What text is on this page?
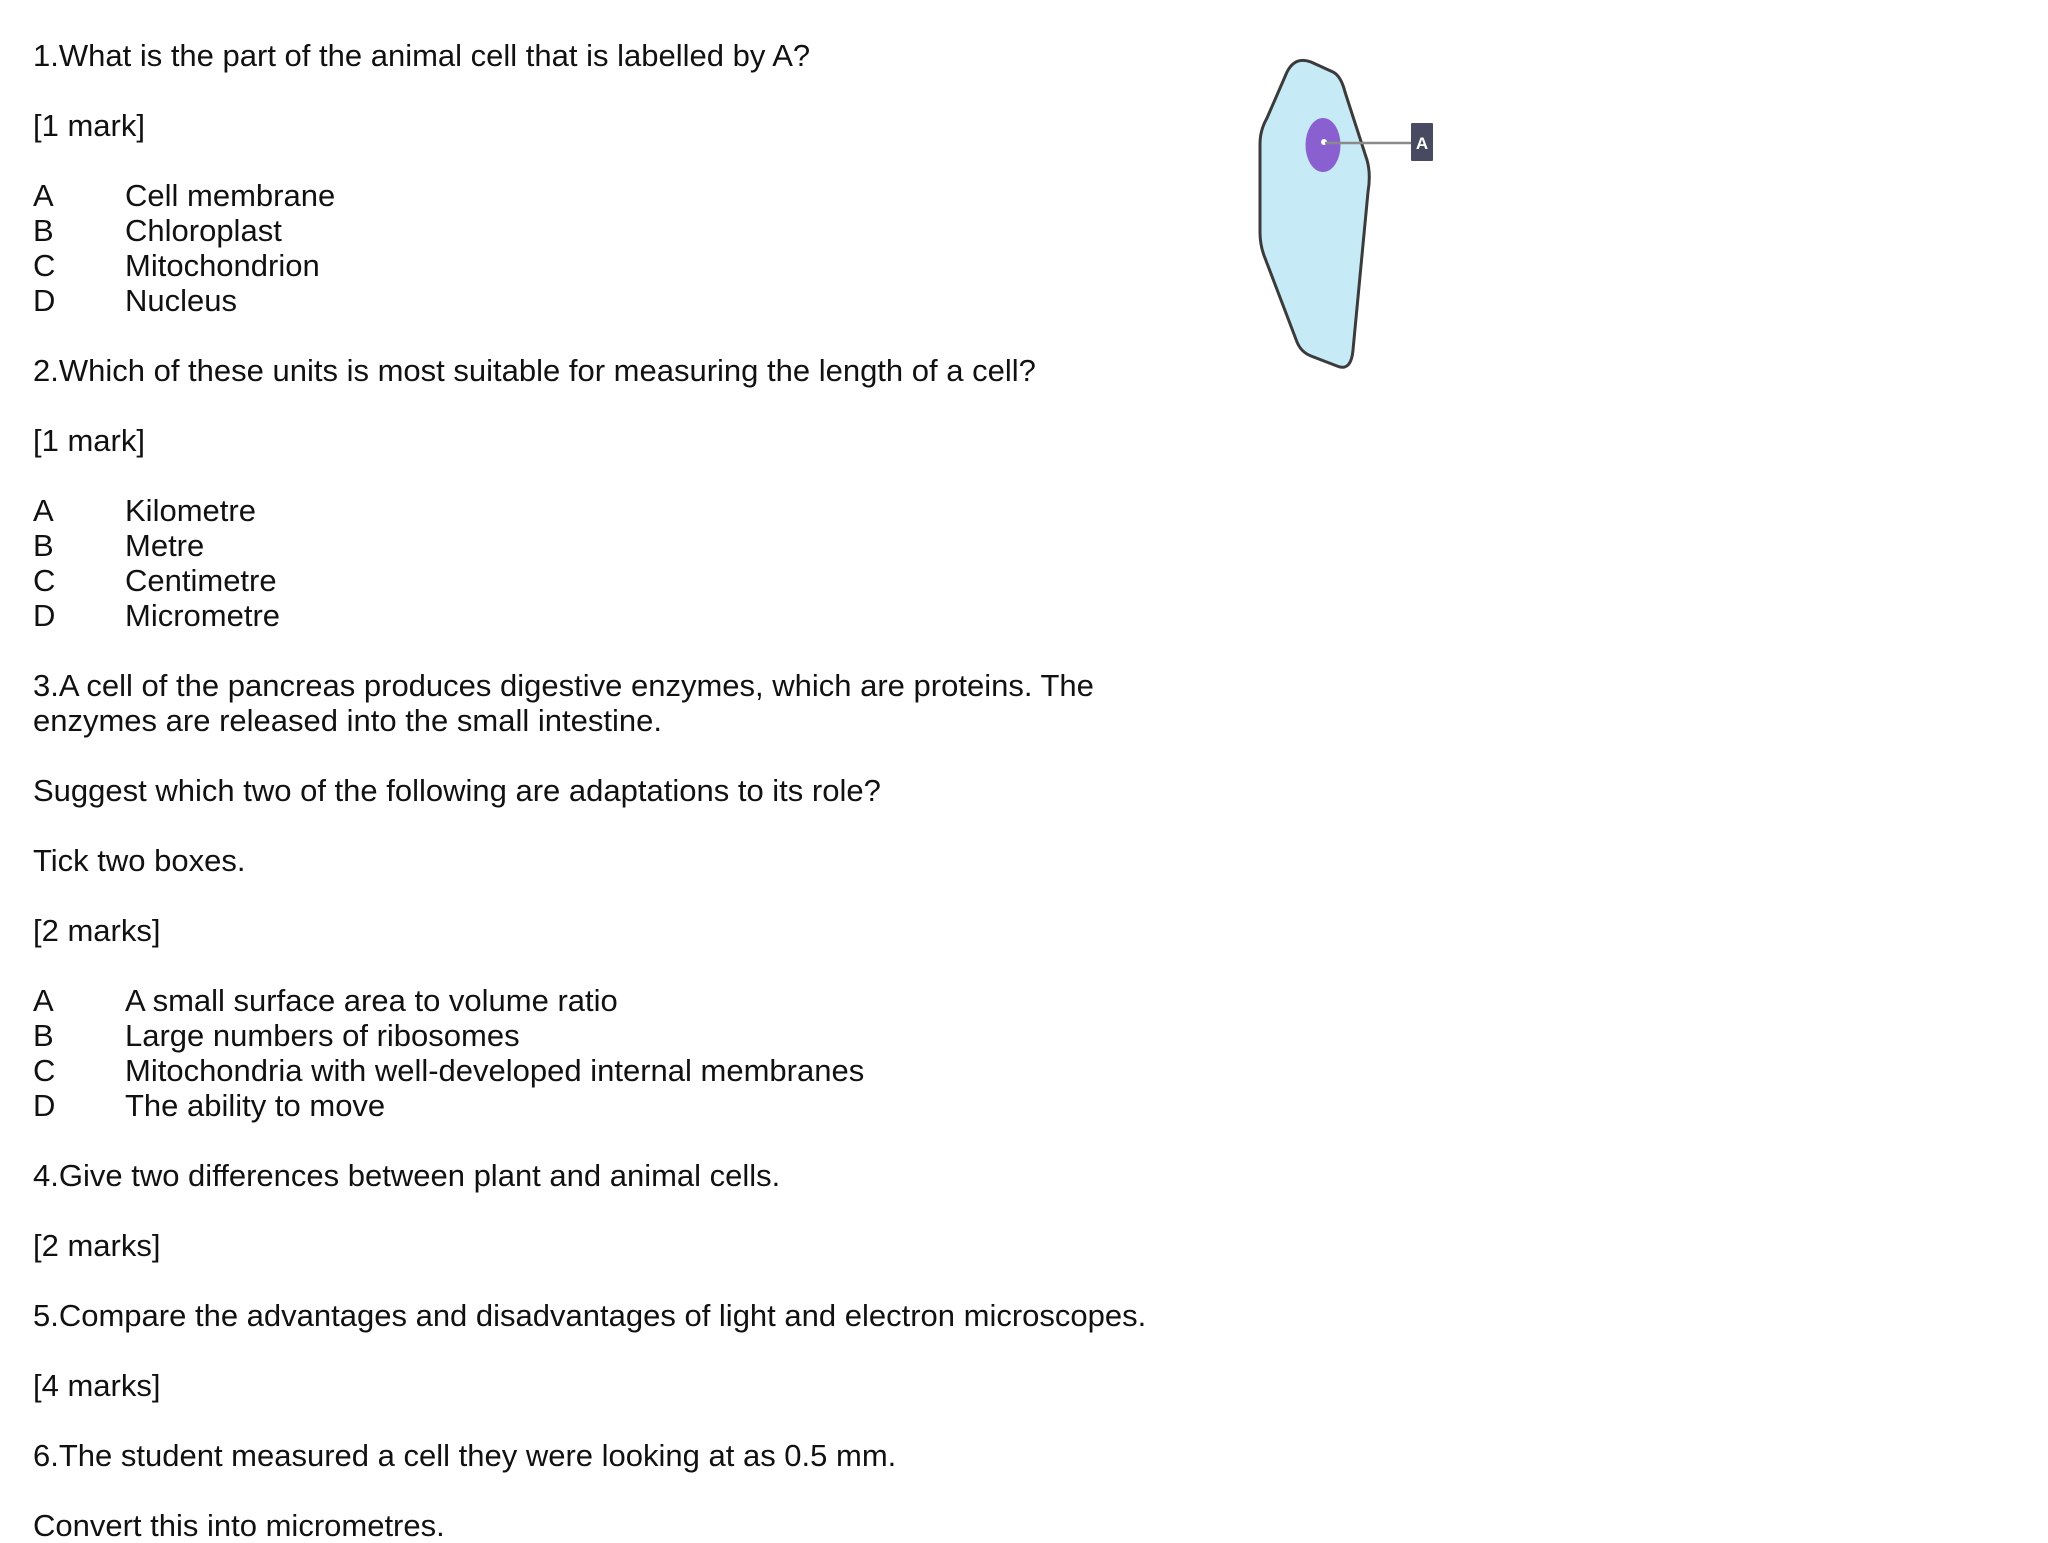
1.What is the part of the animal cell that is labelled by A?

[1 mark]

A	Cell membrane
B	Chloroplast
C	Mitochondrion
D	Nucleus

2.Which of these units is most suitable for measuring the length of a cell?

[1 mark]

A	Kilometre
B	Metre
C	Centimetre
D	Micrometre

3.A cell of the pancreas produces digestive enzymes, which are proteins. The

enzymes are released into the small intestine.

Suggest which two of the following are adaptations to its role?

Tick two boxes.

[2 marks]

A	A small surface area to volume ratio
B	Large numbers of ribosomes
C	Mitochondria with well-developed internal membranes
D	The ability to move

4.Give two differences between plant and animal cells.

[2 marks]

5.Compare the advantages and disadvantages of light and electron microscopes.

[4 marks]

6.The student measured a cell they were looking at as 0.5 mm.

Convert this into micrometres.

A
